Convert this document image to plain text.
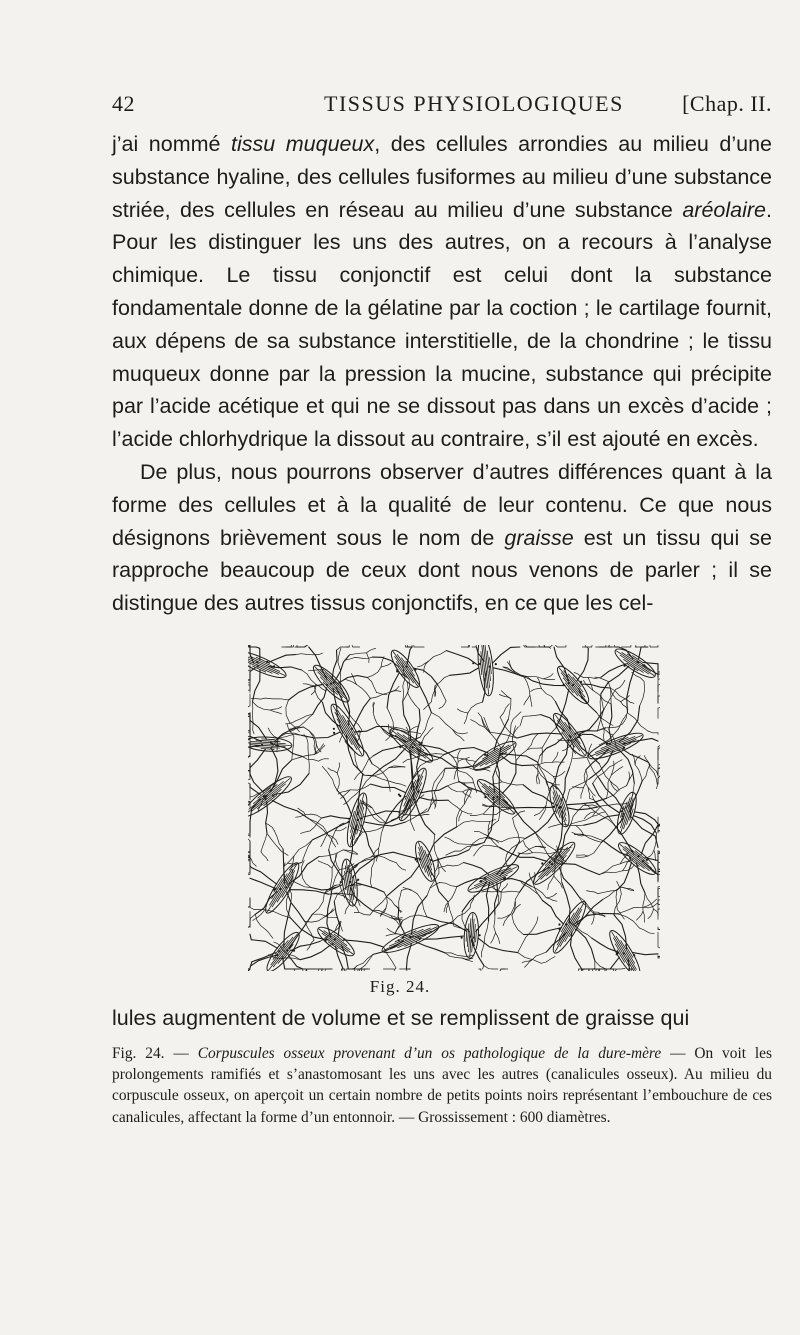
42	TISSUS PHYSIOLOGIQUES	[Chap. II.

j’ai nommé tissu muqueux, des cellules arrondies au milieu d’une substance hyaline, des cellules fusiformes au milieu d’une substance striée, des cellules en réseau au milieu d’une substance aréolaire. Pour les distinguer les uns des autres, on a recours à l’analyse chimique. Le tissu conjonctif est celui dont la substance fondamentale donne de la gélatine par la coction ; le cartilage fournit, aux dépens de sa substance interstitielle, de la chondrine ; le tissu muqueux donne par la pression la mucine, substance qui précipite par l’acide acétique et qui ne se dissout pas dans un excès d’acide ; l’acide chlorhydrique la dissout au contraire, s’il est ajouté en excès.

De plus, nous pourrons observer d’autres différences quant à la forme des cellules et à la qualité de leur contenu. Ce que nous désignons brièvement sous le nom de graisse est un tissu qui se rapproche beaucoup de ceux dont nous venons de parler ; il se distingue des autres tissus conjonctifs, en ce que les cel-

Fig. 24.
lules augmentent de volume et se remplissent de graisse qui
Fig. 24. — Corpuscules osseux provenant d’un os pathologique de la dure-mère — On voit les prolongements ramifiés et s’anastomosant les uns avec les autres (canalicules osseux). Au milieu du corpuscule osseux, on aperçoit un certain nombre de petits points noirs représentant l’embouchure de ces canalicules, affectant la forme d’un entonnoir. — Grossissement : 600 diamètres.
